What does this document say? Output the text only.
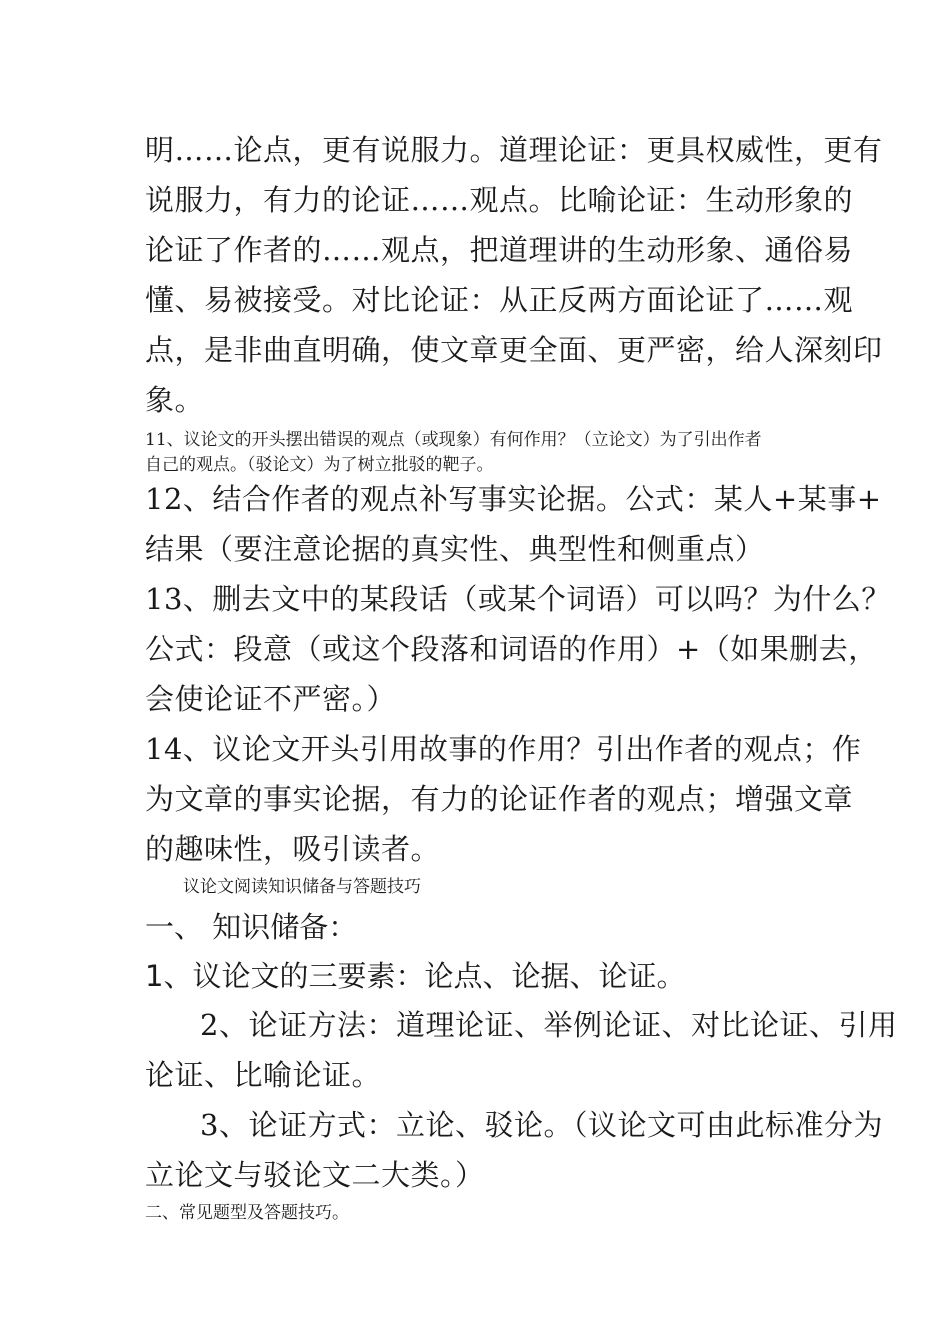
明……论点，更有说服力。道理论证：更具权威性，更有

说服力，有力的论证……观点。比喻论证：生动形象的

论证了作者的……观点，把道理讲的生动形象、通俗易

懂、易被接受。对比论证：从正反两方面论证了……观

点，是非曲直明确，使文章更全面、更严密，给人深刻印

象。

11、议论文的开头摆出错误的观点（或现象）有何作用？（立论文）为了引出作者

自己的观点。（驳论文）为了树立批驳的靶子。

12、结合作者的观点补写事实论据。公式：某人+某事+

结果（要注意论据的真实性、典型性和侧重点）

13、删去文中的某段话（或某个词语）可以吗？为什么？

公式：段意（或这个段落和词语的作用）+（如果删去，

会使论证不严密。）

14、议论文开头引用故事的作用？引出作者的观点；作

为文章的事实论据，有力的论证作者的观点；增强文章

的趣味性，吸引读者。

议论文阅读知识储备与答题技巧

一、 知识储备：

1、议论文的三要素：论点、论据、论证。

2、论证方法：道理论证、举例论证、对比论证、引用

论证、比喻论证。

3、论证方式：立论、驳论。（议论文可由此标准分为

立论文与驳论文二大类。）

二、常见题型及答题技巧。
